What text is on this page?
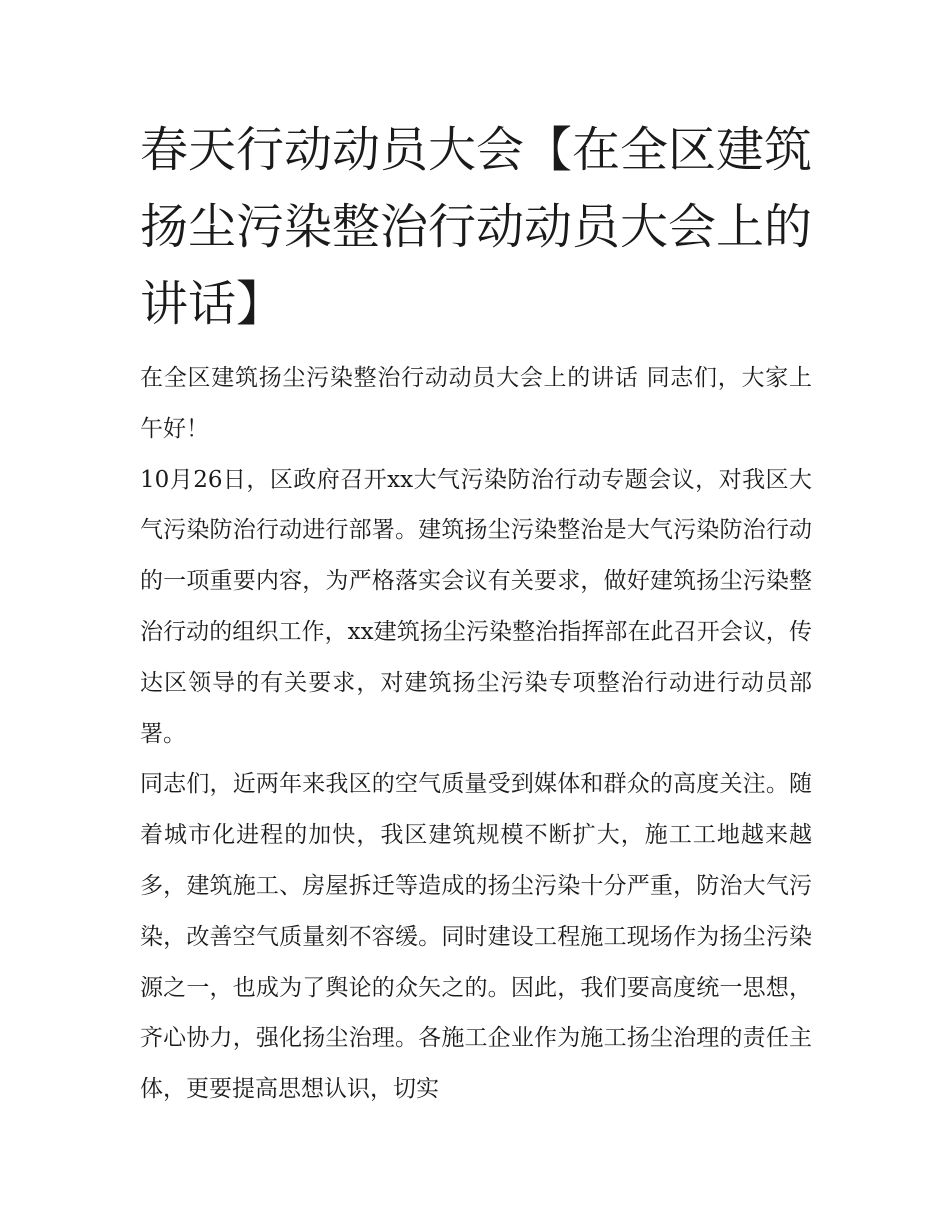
春天行动动员大会【在全区建筑扬尘污染整治行动动员大会上的讲话】

在全区建筑扬尘污染整治行动动员大会上的讲话 同志们，大家上午好！

10月26日，区政府召开xx大气污染防治行动专题会议，对我区大气污染防治行动进行部署。建筑扬尘污染整治是大气污染防治行动的一项重要内容，为严格落实会议有关要求，做好建筑扬尘污染整治行动的组织工作，xx建筑扬尘污染整治指挥部在此召开会议，传达区领导的有关要求，对建筑扬尘污染专项整治行动进行动员部署。

同志们，近两年来我区的空气质量受到媒体和群众的高度关注。随着城市化进程的加快，我区建筑规模不断扩大，施工工地越来越多，建筑施工、房屋拆迁等造成的扬尘污染十分严重，防治大气污染，改善空气质量刻不容缓。同时建设工程施工现场作为扬尘污染源之一，也成为了舆论的众矢之的。因此，我们要高度统一思想，齐心协力，强化扬尘治理。各施工企业作为施工扬尘治理的责任主体，更要提高思想认识，切实
